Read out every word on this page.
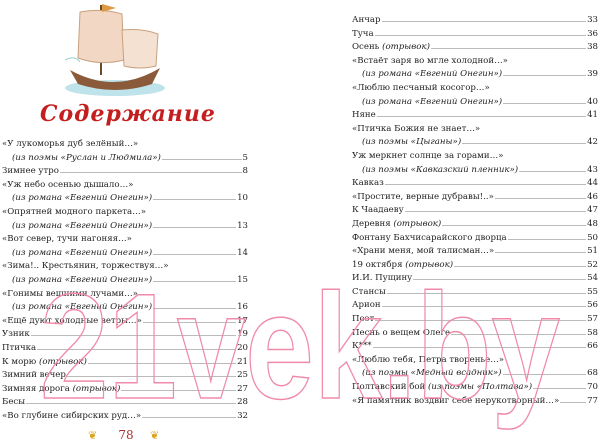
Содержание
«У лукоморья дуб зелёный…»
(из поэмы «Руслан и Людмила»)	5
Зимнее утро	8
«Уж небо осенью дышало…»
(из романа «Евгений Онегин»)	10
«Опрятней модного паркета…»
(из романа «Евгений Онегин»)	13
«Вот север, тучи нагоняя…»
(из романа «Евгений Онегин»)	14
«Зима!.. Крестьянин, торжествуя…»
(из романа «Евгений Онегин»)	15
«Гонимы вешними лучами…»
(из романа «Евгений Онегин»)	16
«Ещё дуют холодные ветры…»	17
Узник	19
Птичка	20
К морю (отрывок)	21
Зимний вечер	25
Зимняя дорога (отрывок)	27
Бесы	28
«Во глубине сибирских руд…»	32
Анчар	33
Туча	36
Осень (отрывок)	38
«Встаёт заря во мгле холодной…»
(из романа «Евгений Онегин»)	39
«Люблю песчаный косогор…»
(из романа «Евгений Онегин»)	40
Няне	41
«Птичка Божия не знает…»
(из поэмы «Цыганы»)	42
Уж меркнет солнце за горами…»
(из поэмы «Кавказский пленник»)	43
Кавказ	44
«Простите, верные дубравы!..»	46
К Чаадаеву	47
Деревня (отрывок)	48
Фонтану Бахчисарайского дворца	50
«Храни меня, мой талисман…»	51
19 октября (отрывок)	52
И.И. Пущину	54
Стансы	55
Арион	56
Поэт	57
Песнь о вещем Олеге	58
К***	66
«Люблю тебя, Петра творенье…»
(из поэмы «Медный всадник»)	68
Полтавский бой (из поэмы «Полтава»)	70
«Я памятник воздвиг себе нерукотворный…»	77
❦	78	❦
21vek.by
